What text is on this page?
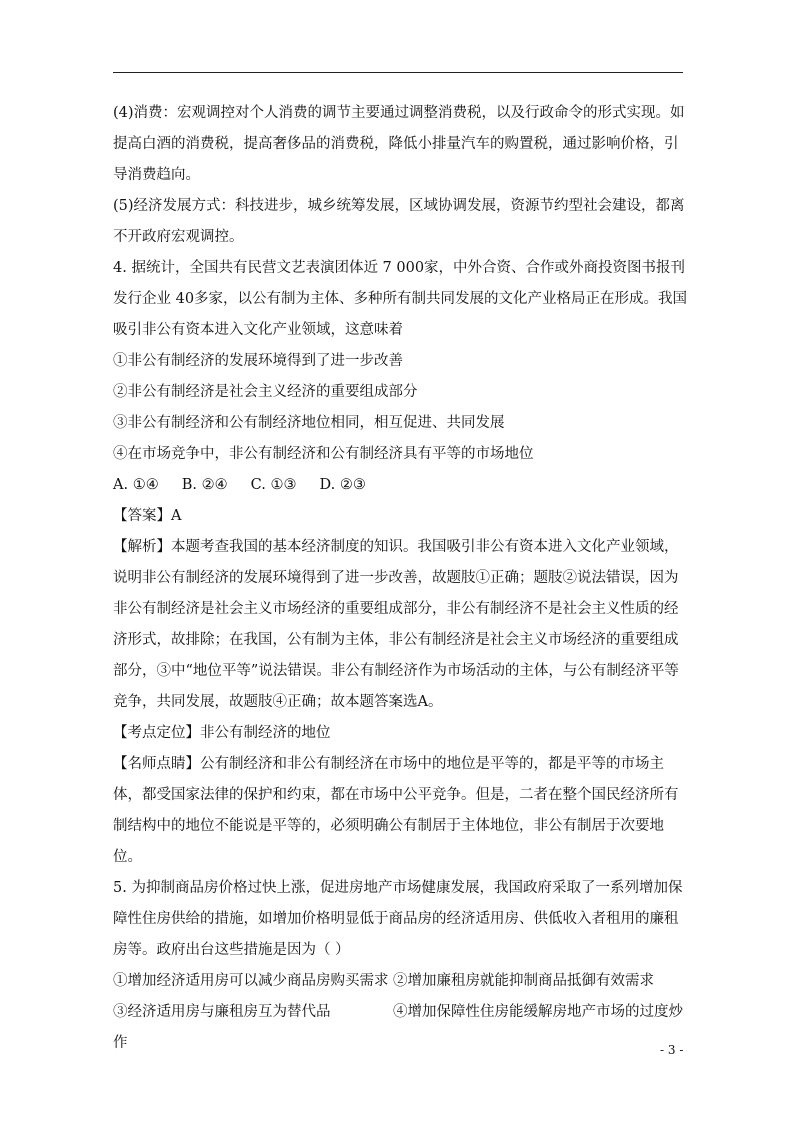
(4)消费：宏观调控对个人消费的调节主要通过调整消费税，以及行政命令的形式实现。如提高白酒的消费税，提高奢侈品的消费税，降低小排量汽车的购置税，通过影响价格，引导消费趋向。

(5)经济发展方式：科技进步，城乡统筹发展，区域协调发展，资源节约型社会建设，都离不开政府宏观调控。

4. 据统计，全国共有民营文艺表演团体近 7 000家，中外合资、合作或外商投资图书报刊发行企业 40多家，以公有制为主体、多种所有制共同发展的文化产业格局正在形成。我国吸引非公有资本进入文化产业领域，这意味着

①非公有制经济的发展环境得到了进一步改善

②非公有制经济是社会主义经济的重要组成部分

③非公有制经济和公有制经济地位相同，相互促进、共同发展

④在市场竞争中，非公有制经济和公有制经济具有平等的市场地位

A. ①④     B. ②④     C. ①③     D. ②③

【答案】A

【解析】本题考查我国的基本经济制度的知识。我国吸引非公有资本进入文化产业领域，说明非公有制经济的发展环境得到了进一步改善，故题肢①正确；题肢②说法错误，因为非公有制经济是社会主义市场经济的重要组成部分，非公有制经济不是社会主义性质的经济形式，故排除；在我国，公有制为主体，非公有制经济是社会主义市场经济的重要组成部分，③中“地位平等”说法错误。非公有制经济作为市场活动的主体，与公有制经济平等竞争，共同发展，故题肢④正确；故本题答案选A。

【考点定位】非公有制经济的地位

【名师点睛】公有制经济和非公有制经济在市场中的地位是平等的，都是平等的市场主体，都受国家法律的保护和约束，都在市场中公平竞争。但是，二者在整个国民经济所有制结构中的地位不能说是平等的，必须明确公有制居于主体地位，非公有制居于次要地位。

5. 为抑制商品房价格过快上涨，促进房地产市场健康发展，我国政府采取了一系列增加保障性住房供给的措施，如增加价格明显低于商品房的经济适用房、供低收入者租用的廉租房等。政府出台这些措施是因为（ ）

①增加经济适用房可以减少商品房购买需求 ②增加廉租房就能抑制商品抵御有效需求
③经济适用房与廉租房互为替代品	④增加保障性住房能缓解房地产市场的过度炒

作	- 3 -
